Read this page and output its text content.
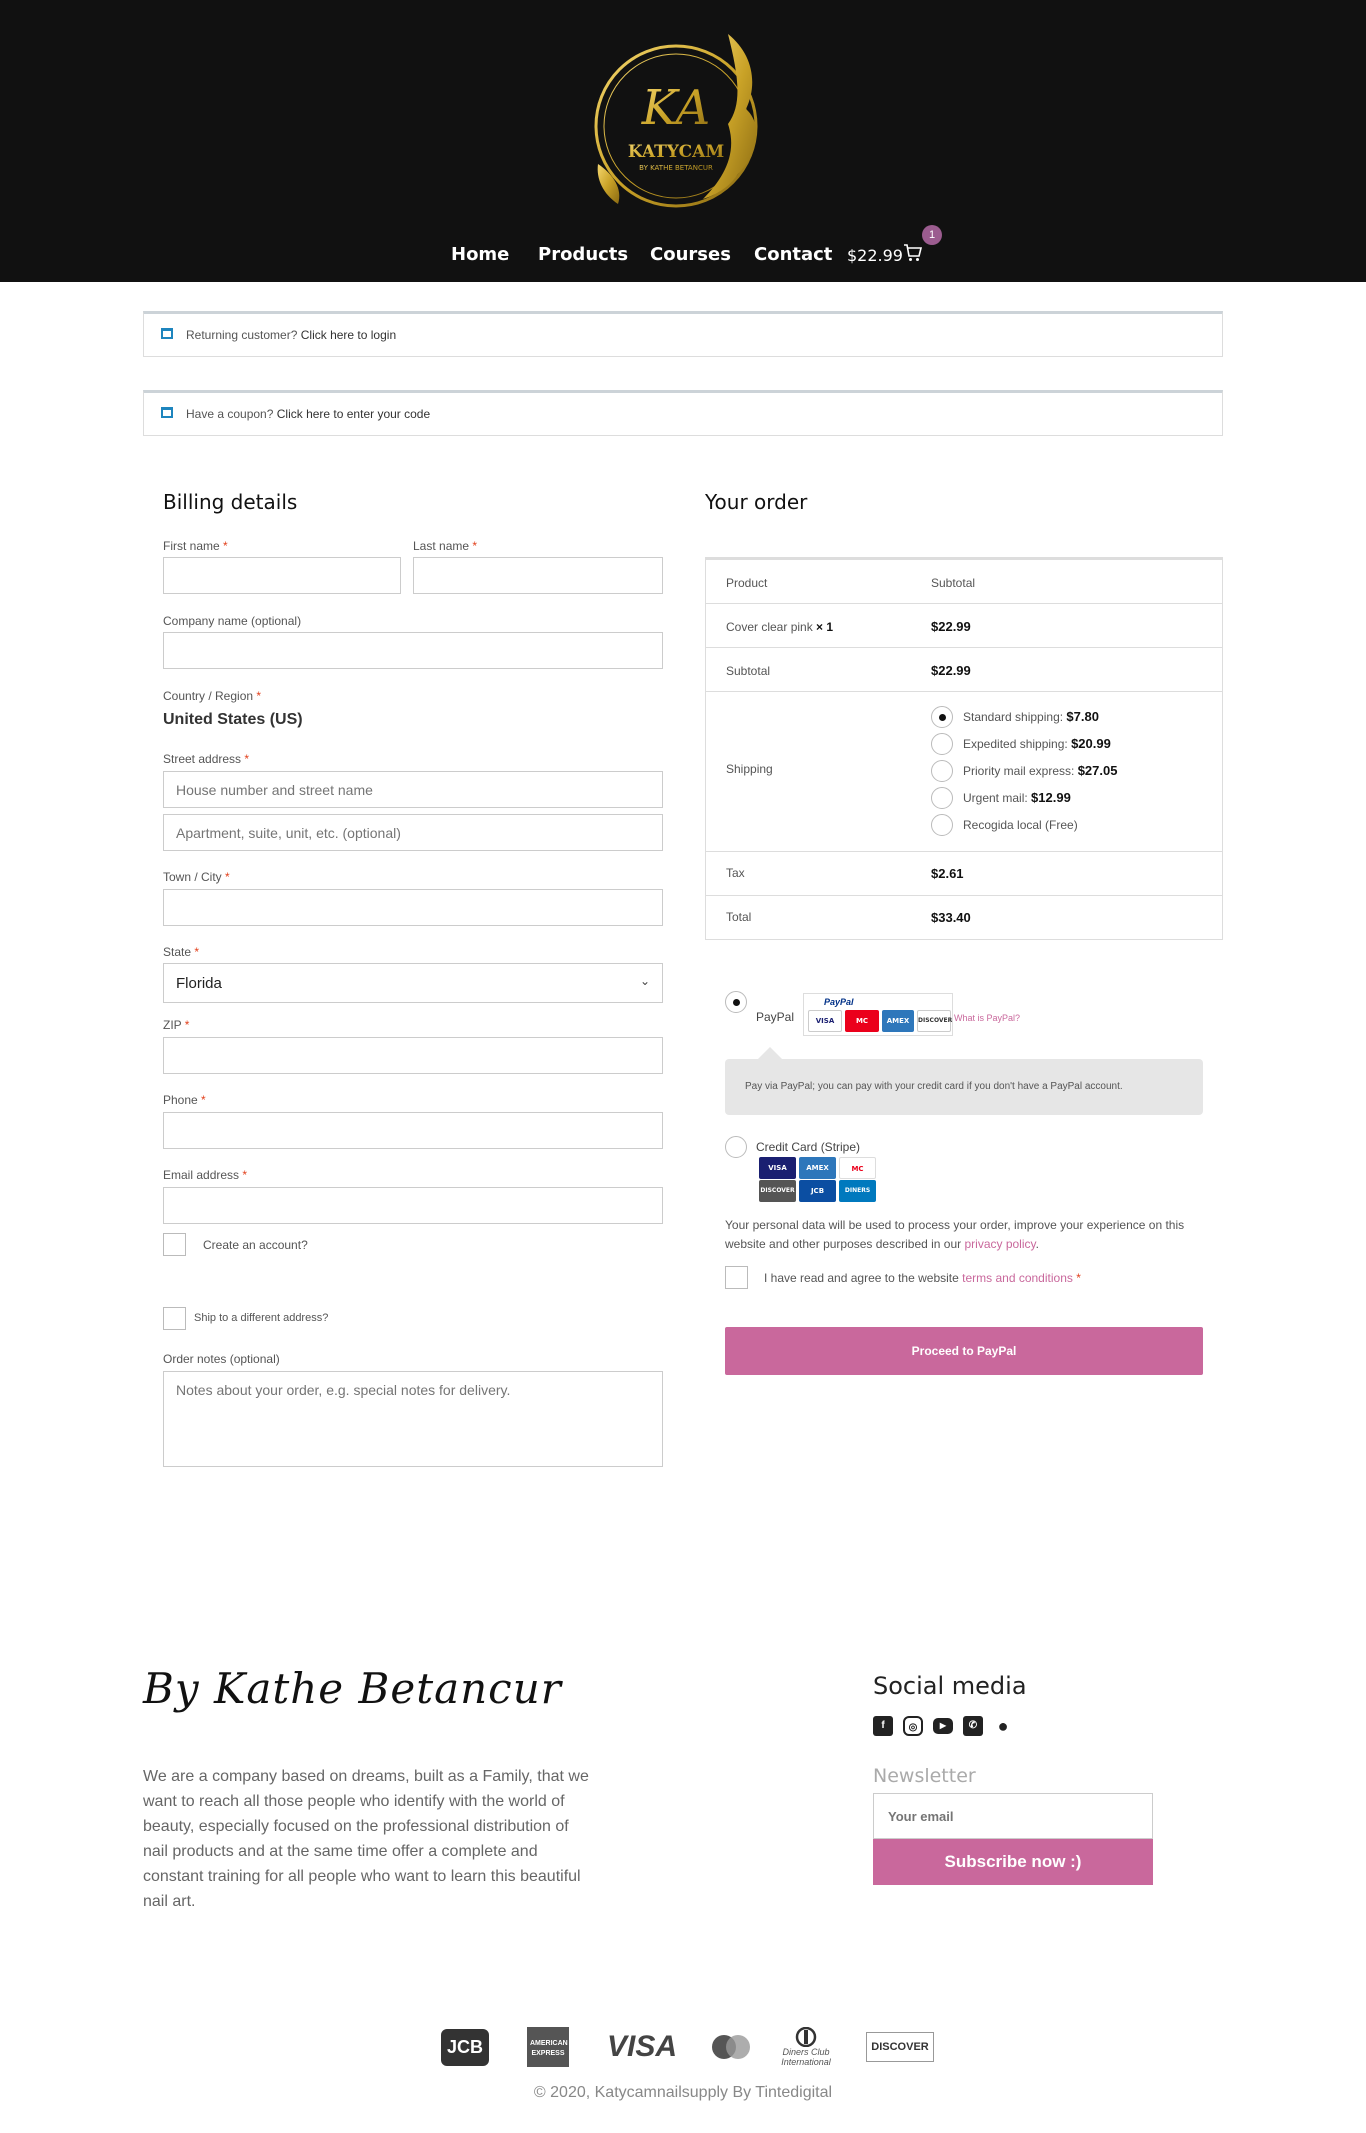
KA
KATYCAM
BY KATHE BETANCUR
Home Products Courses Contact $22.99
1
Returning customer? Click here to login
Have a coupon? Click here to enter your code
Billing details
First name *	Last name *
Company name (optional)
Country / Region *
United States (US)
Street address *
House number and street name
Apartment, suite, unit, etc. (optional)
Town / City *
State *
Florida	⌄
ZIP *
Phone *
Email address *
Create an account?
Ship to a different address?
Order notes (optional)
Notes about your order, e.g. special notes for delivery.
Your order
Product	Subtotal
Cover clear pink × 1	$22.99
Subtotal	$22.99
Shipping
Standard shipping: $7.80
Expedited shipping: $20.99
Priority mail express: $27.05
Urgent mail: $12.99
Recogida local (Free)
Tax	$2.61
Total	$33.40
PayPal
PayPal
VISA	MC	AMEX	DISCOVER What is PayPal?
Pay via PayPal; you can pay with your credit card if you don't have a PayPal account.
Credit Card (Stripe)
VISA	AMEX	MC
DISCOVER	JCB	DINERS
Your personal data will be used to process your order, improve your experience on this website and other purposes described in our privacy policy.
I have read and agree to the website terms and conditions *
Proceed to PayPal
By Kathe Betancur
We are a company based on dreams, built as a Family, that we want to reach all those people who identify with the world of beauty, especially focused on the professional distribution of nail products and at the same time offer a complete and constant training for all people who want to learn this beautiful nail art.
Social media
f	◎	▶	✆	●
Newsletter
Your email
Subscribe now :)
JCB	AMERICAN EXPRESS VISA	Diners Club International
DISCOVER
© 2020, Katycamnailsupply By Tintedigital
